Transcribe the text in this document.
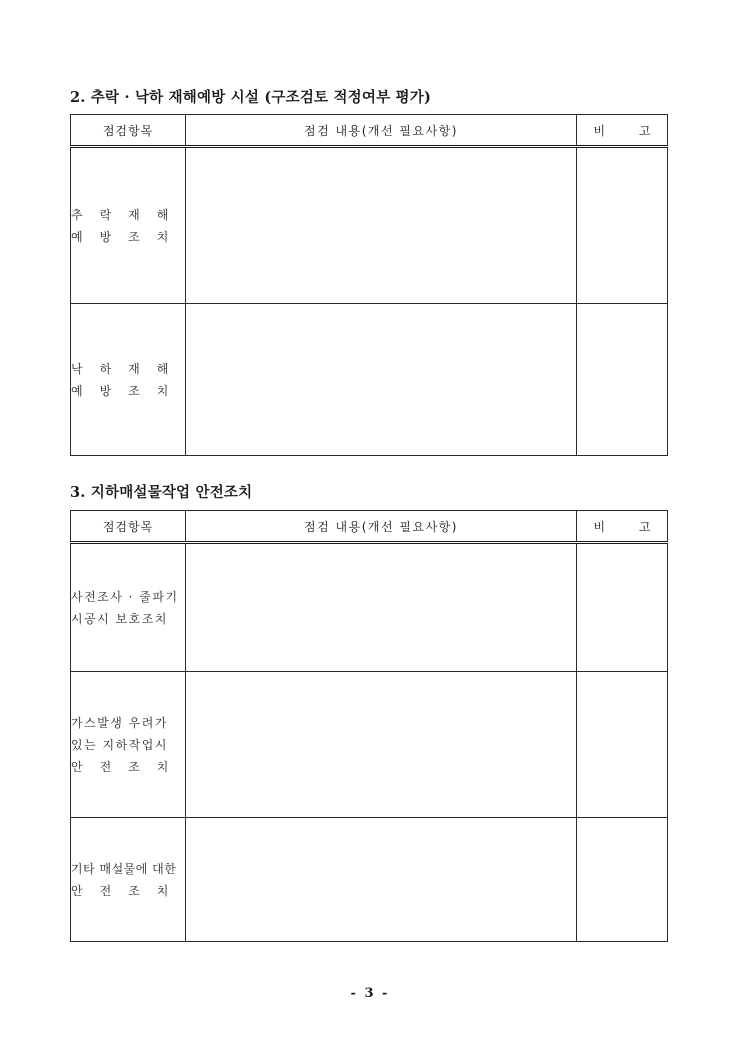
2. 추락 · 낙하 재해예방 시설 (구조검토 적정여부 평가)
점검항목	점검 내용(개선 필요사항)	비 고

추락재해
예방조치		

낙하재해
예방조치		

3. 지하매설물작업 안전조치
점검항목	점검 내용(개선 필요사항)	비 고

사전조사 · 줄파기
시공시 보호조치		

가스발생 우려가
있는 지하작업시
안전조치		

기타 매설물에 대한
안전조치		

- 3 -
